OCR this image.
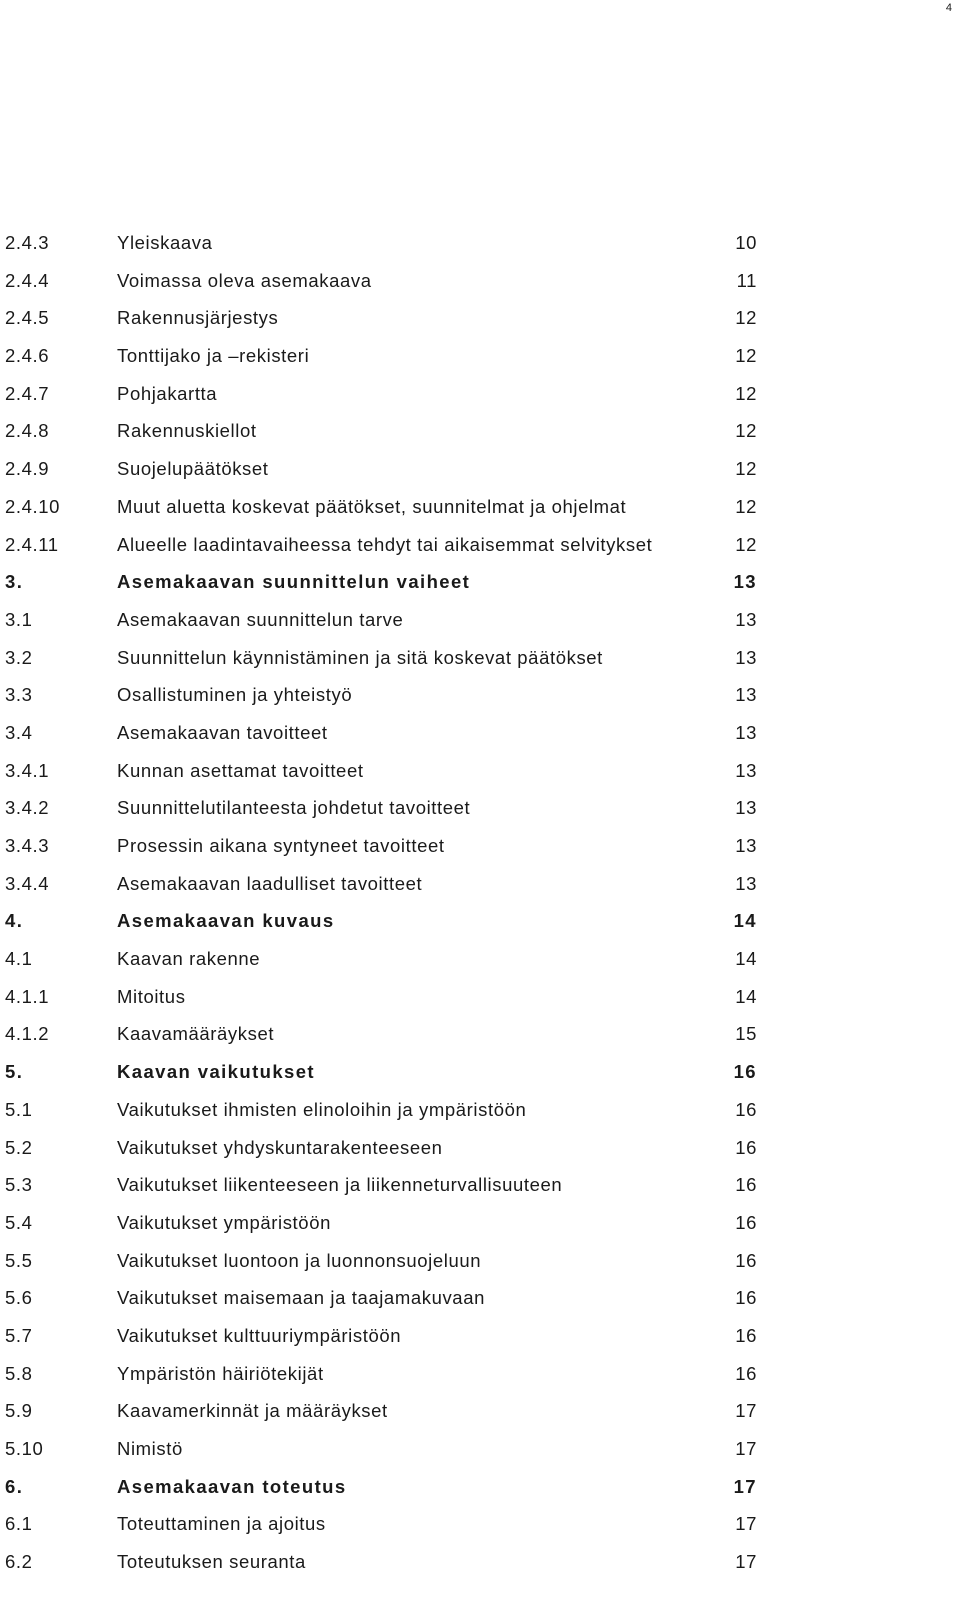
4
2.4.3	Yleiskaava	10
2.4.4	Voimassa oleva asemakaava	11
2.4.5	Rakennusjärjestys	12
2.4.6	Tonttijako ja –rekisteri	12
2.4.7	Pohjakartta	12
2.4.8	Rakennuskiellot	12
2.4.9	Suojelupäätökset	12
2.4.10	Muut aluetta koskevat päätökset, suunnitelmat ja ohjelmat	12
2.4.11	Alueelle laadintavaiheessa tehdyt tai aikaisemmat selvitykset	12
3.	Asemakaavan suunnittelun vaiheet	13
3.1	Asemakaavan suunnittelun tarve	13
3.2	Suunnittelun käynnistäminen ja sitä koskevat päätökset	13
3.3	Osallistuminen ja yhteistyö	13
3.4	Asemakaavan tavoitteet	13
3.4.1	Kunnan asettamat tavoitteet	13
3.4.2	Suunnittelutilanteesta johdetut tavoitteet	13
3.4.3	Prosessin aikana syntyneet tavoitteet	13
3.4.4	Asemakaavan laadulliset tavoitteet	13
4.	Asemakaavan kuvaus	14
4.1	Kaavan rakenne	14
4.1.1	Mitoitus	14
4.1.2	Kaavamääräykset	15
5.	Kaavan vaikutukset	16
5.1	Vaikutukset ihmisten elinoloihin ja ympäristöön	16
5.2	Vaikutukset yhdyskuntarakenteeseen	16
5.3	Vaikutukset liikenteeseen ja liikenneturvallisuuteen	16
5.4	Vaikutukset ympäristöön	16
5.5	Vaikutukset luontoon ja luonnonsuojeluun	16
5.6	Vaikutukset maisemaan ja taajamakuvaan	16
5.7	Vaikutukset kulttuuriympäristöön	16
5.8	Ympäristön häiriötekijät	16
5.9	Kaavamerkinnät ja määräykset	17
5.10	Nimistö	17
6.	Asemakaavan toteutus	17
6.1	Toteuttaminen ja ajoitus	17
6.2	Toteutuksen seuranta	17
